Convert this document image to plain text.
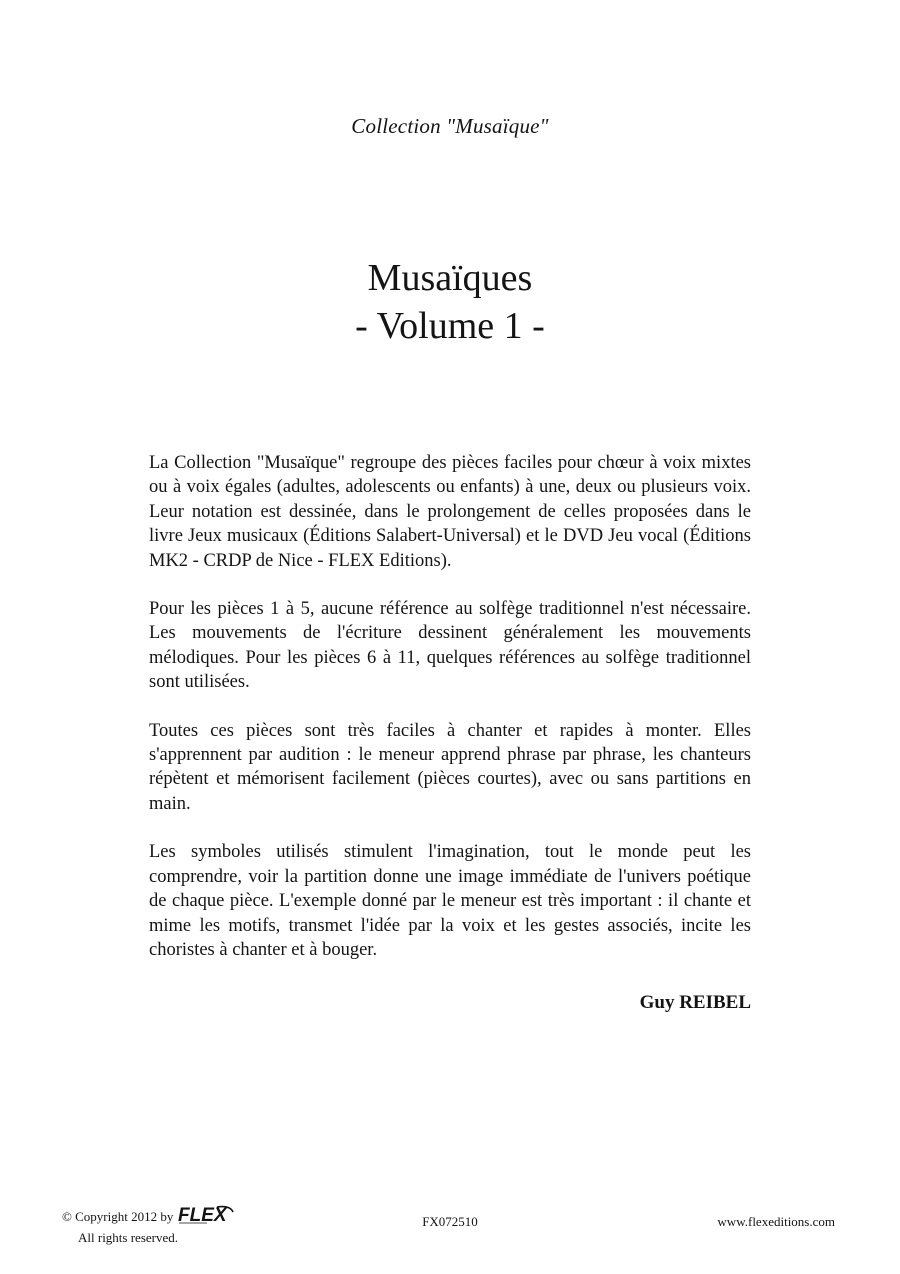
Collection "Musaïque"
Musaïques
- Volume 1 -

La Collection "Musaïque" regroupe des pièces faciles pour chœur à voix mixtes ou à voix égales (adultes, adolescents ou enfants) à une, deux ou plusieurs voix. Leur notation est dessinée, dans le prolongement de celles proposées dans le livre Jeux musicaux (Éditions Salabert-Universal) et le DVD Jeu vocal (Éditions MK2 - CRDP de Nice - FLEX Editions).

Pour les pièces 1 à 5, aucune référence au solfège traditionnel n'est nécessaire. Les mouvements de l'écriture dessinent généralement les mouvements mélodiques. Pour les pièces 6 à 11, quelques références au solfège traditionnel sont utilisées.

Toutes ces pièces sont très faciles à chanter et rapides à monter. Elles s'apprennent par audition : le meneur apprend phrase par phrase, les chanteurs répètent et mémorisent facilement (pièces courtes), avec ou sans partitions en main.

Les symboles utilisés stimulent l'imagination, tout le monde peut les comprendre, voir la partition donne une image immédiate de l'univers poétique de chaque pièce. L'exemple donné par le meneur est très important : il chante et mime les motifs, transmet l'idée par la voix et les gestes associés, incite les choristes à chanter et à bouger.

Guy REIBEL
© Copyright 2012 by FLEX
All rights reserved.
FX072510	www.flexeditions.com
